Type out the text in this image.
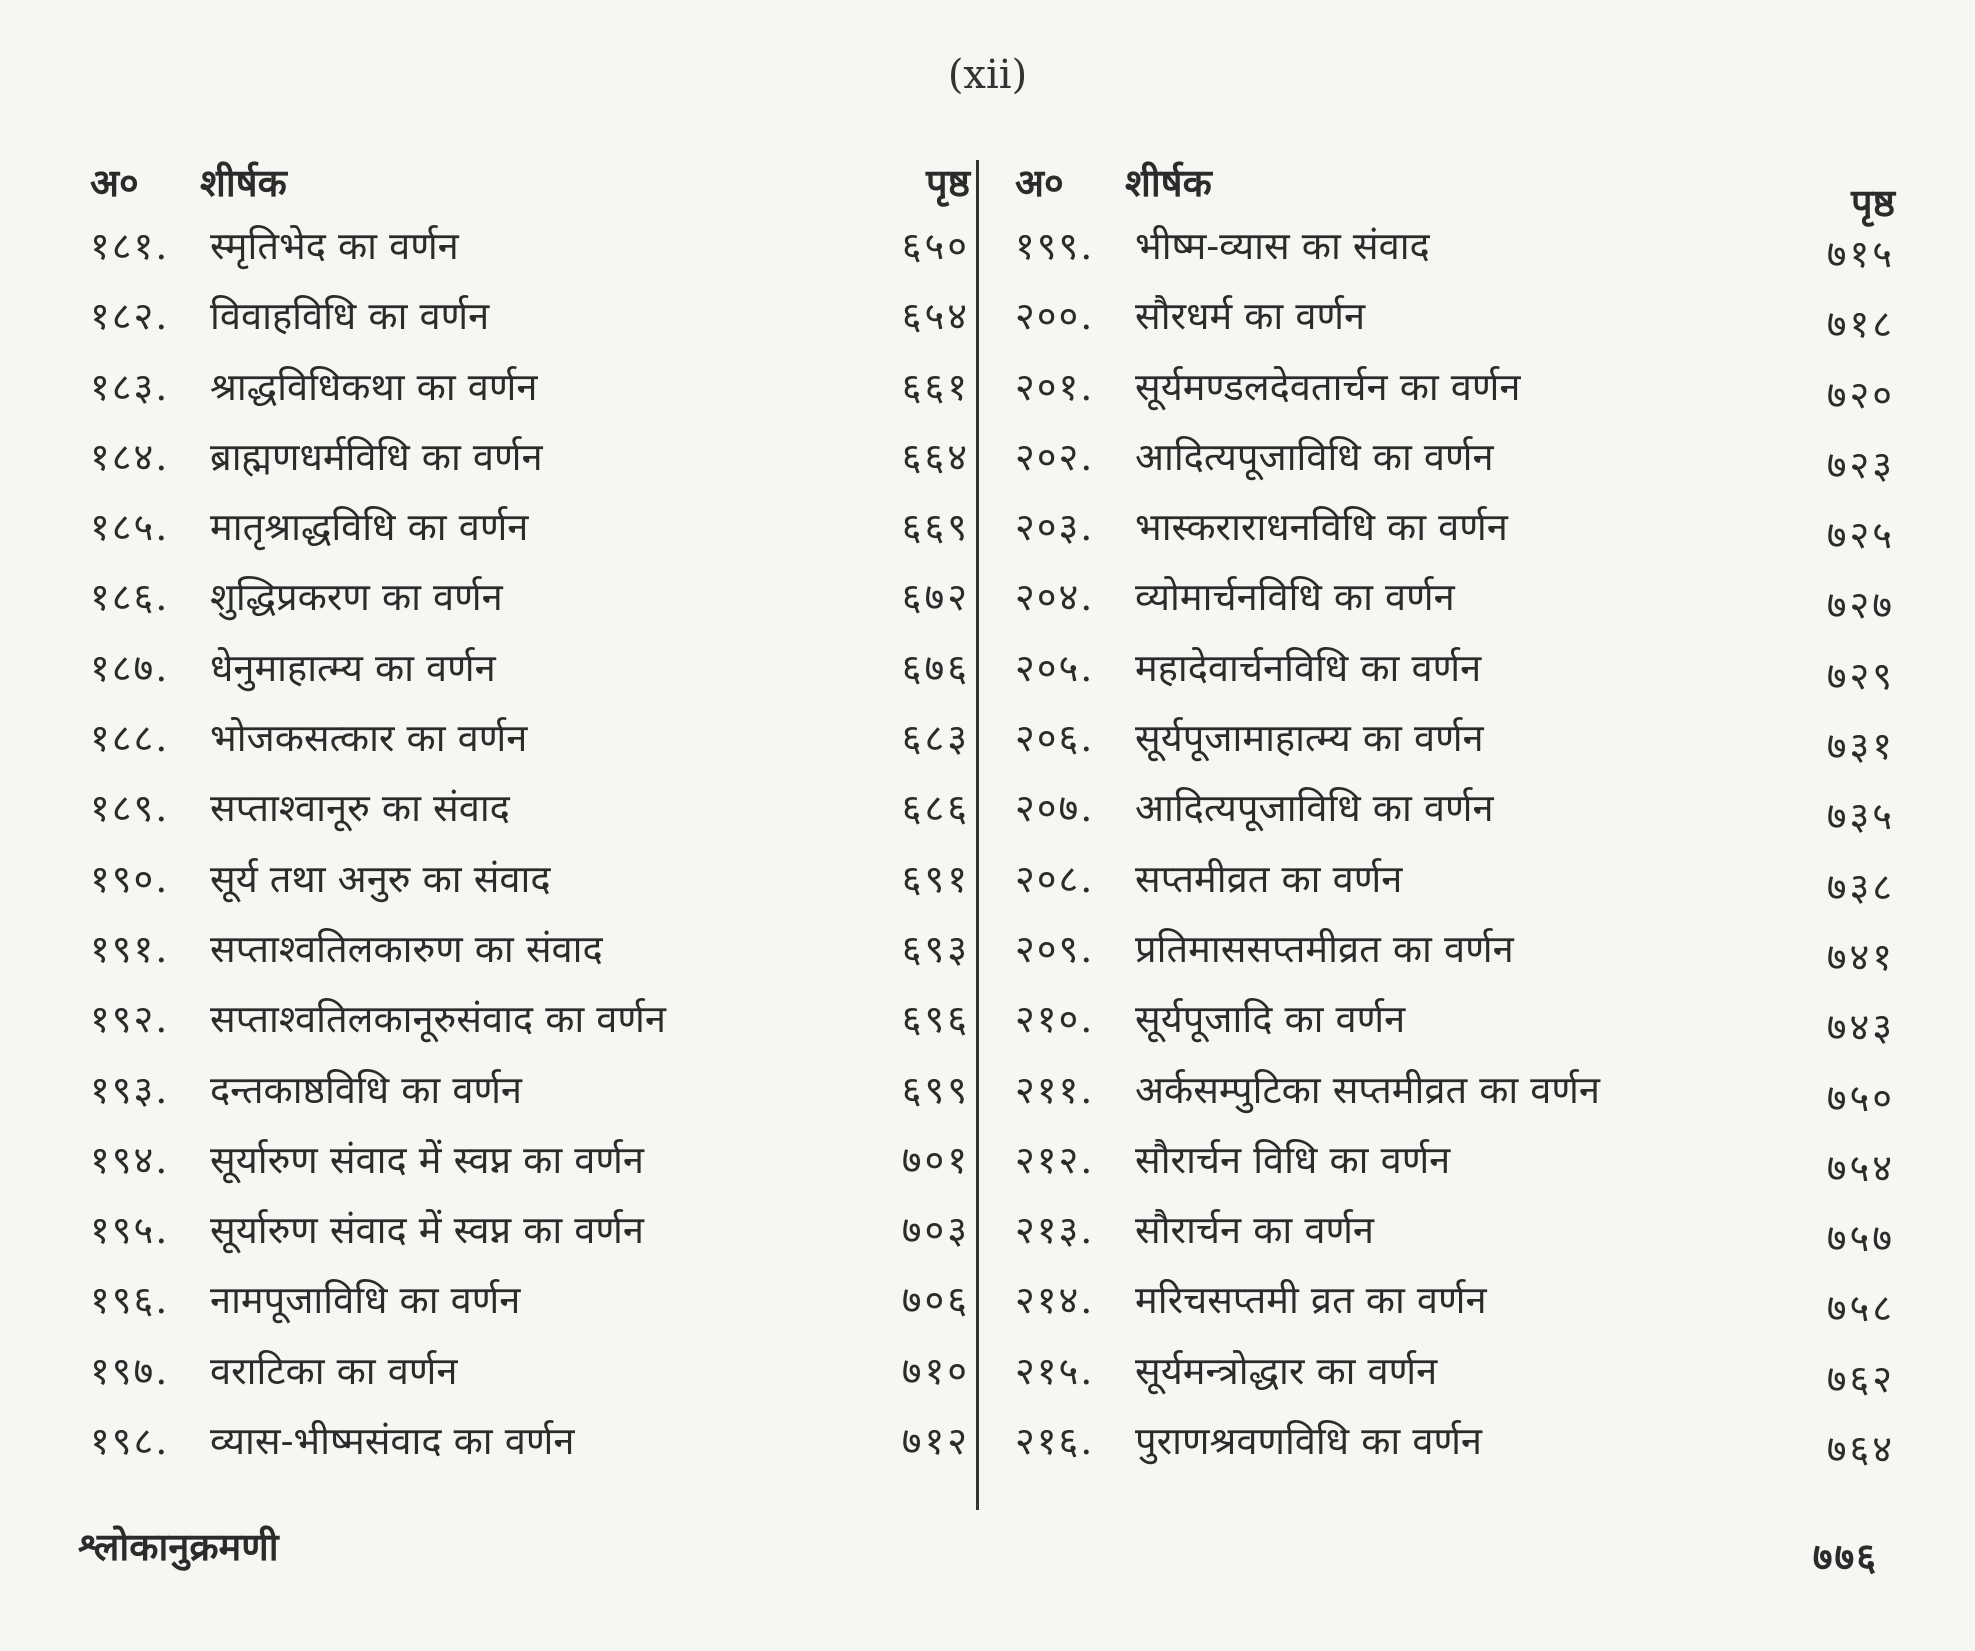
(xii)
अ० शीर्षक	पृष्ठ
१८१. स्मृतिभेद का वर्णन	६५०
१८२. विवाहविधि का वर्णन	६५४
१८३. श्राद्धविधिकथा का वर्णन	६६१
१८४. ब्राह्मणधर्मविधि का वर्णन	६६४
१८५. मातृश्राद्धविधि का वर्णन	६६९
१८६. शुद्धिप्रकरण का वर्णन	६७२
१८७. धेनुमाहात्म्य का वर्णन	६७६
१८८. भोजकसत्कार का वर्णन	६८३
१८९. सप्ताश्वानूरु का संवाद	६८६
१९०. सूर्य तथा अनुरु का संवाद	६९१
१९१. सप्ताश्वतिलकारुण का संवाद	६९३
१९२. सप्ताश्वतिलकानूरुसंवाद का वर्णन	६९६
१९३. दन्तकाष्ठविधि का वर्णन	६९९
१९४. सूर्यारुण संवाद में स्वप्न का वर्णन	७०१
१९५. सूर्यारुण संवाद में स्वप्न का वर्णन	७०३
१९६. नामपूजाविधि का वर्णन	७०६
१९७. वराटिका का वर्णन	७१०
१९८. व्यास-भीष्मसंवाद का वर्णन	७१२
अ० शीर्षक	पृष्ठ
१९९. भीष्म-व्यास का संवाद	७१५
२००. सौरधर्म का वर्णन	७१८
२०१. सूर्यमण्डलदेवतार्चन का वर्णन	७२०
२०२. आदित्यपूजाविधि का वर्णन	७२३
२०३. भास्कराराधनविधि का वर्णन	७२५
२०४. व्योमार्चनविधि का वर्णन	७२७
२०५. महादेवार्चनविधि का वर्णन	७२९
२०६. सूर्यपूजामाहात्म्य का वर्णन	७३१
२०७. आदित्यपूजाविधि का वर्णन	७३५
२०८. सप्तमीव्रत का वर्णन	७३८
२०९. प्रतिमाससप्तमीव्रत का वर्णन	७४१
२१०. सूर्यपूजादि का वर्णन	७४३
२११. अर्कसम्पुटिका सप्तमीव्रत का वर्णन	७५०
२१२. सौरार्चन विधि का वर्णन	७५४
२१३. सौरार्चन का वर्णन	७५७
२१४. मरिचसप्तमी व्रत का वर्णन	७५८
२१५. सूर्यमन्त्रोद्धार का वर्णन	७६२
२१६. पुराणश्रवणविधि का वर्णन	७६४
श्लोकानुक्रमणी	७७६
